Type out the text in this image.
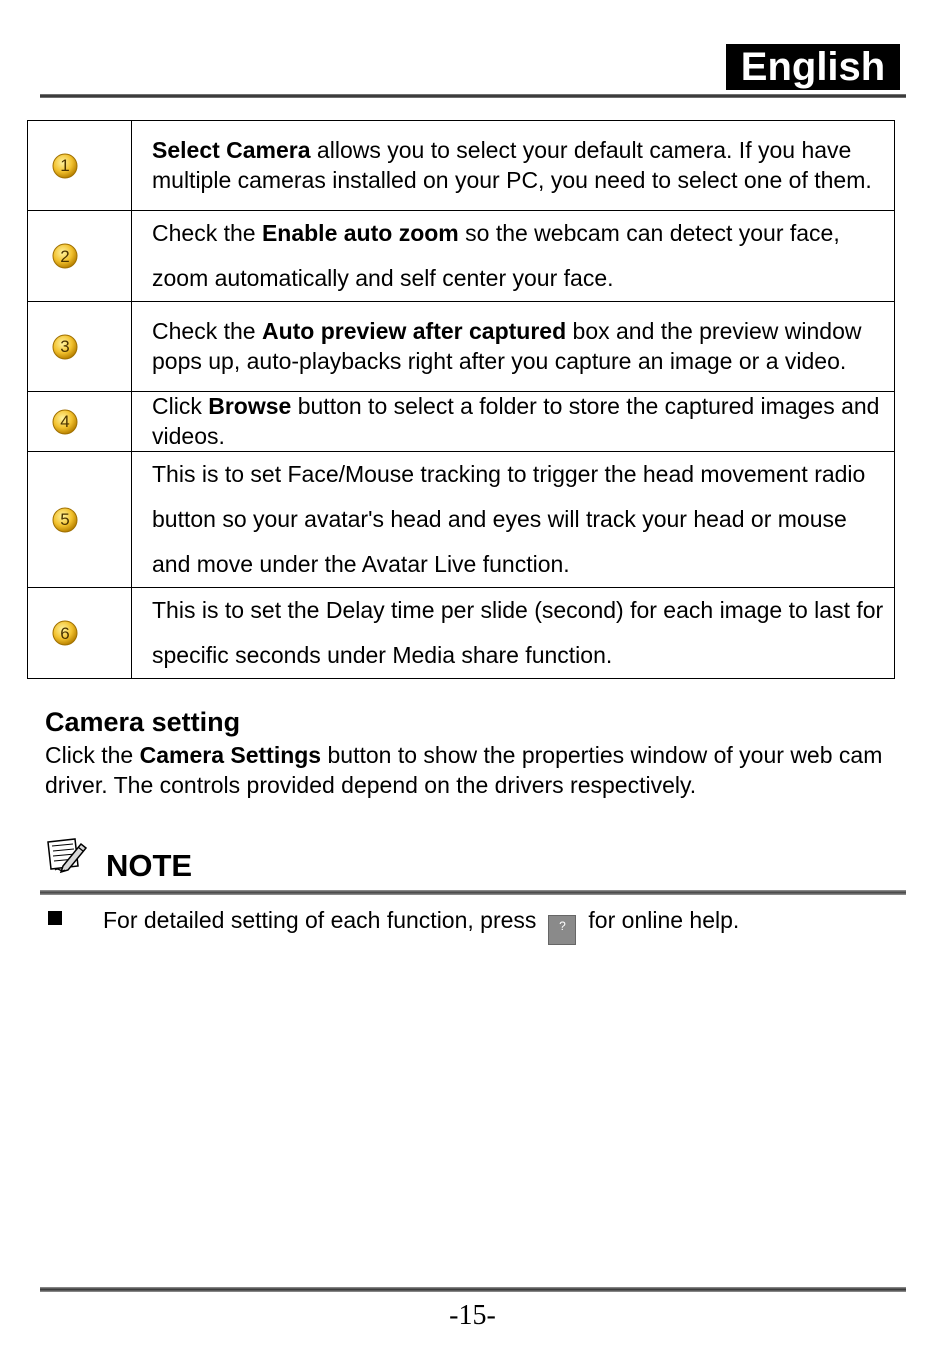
English
1	Select Camera allows you to select your default camera. If you have multiple cameras installed on your PC, you need to select one of them.

2	Check the Enable auto zoom so the webcam can detect your face, zoom automatically and self center your face.

3	Check the Auto preview after captured box and the preview window pops up, auto-playbacks right after you capture an image or a video.

4	Click Browse button to select a folder to store the captured images and videos.

5	This is to set Face/Mouse tracking to trigger the head movement radio button so your avatar's head and eyes will track your head or mouse and move under the Avatar Live function.

6	This is to set the Delay time per slide (second) for each image to last for specific seconds under Media share function.
Camera setting

Click the Camera Settings button to show the properties window of your web cam driver. The controls provided depend on the drivers respectively.

NOTE
For detailed setting of each function, press ? for online help.
-15-
